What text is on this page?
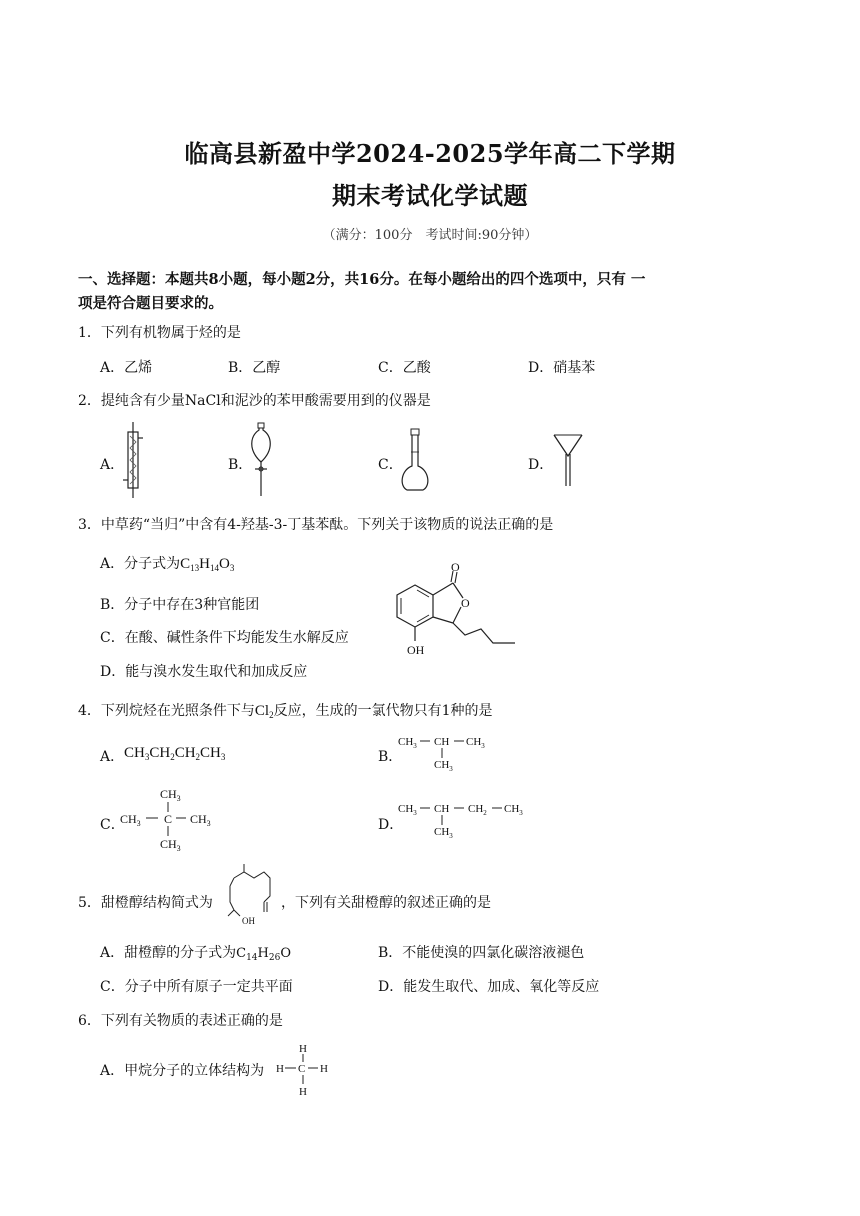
临高县新盈中学2024-2025学年高二下学期
期末考试化学试题
（满分：100分　考试时间:90分钟）
一、选择题：本题共8小题，每小题2分，共16分。在每小题给出的四个选项中，只有 一
项是符合题目要求的。
1．下列有机物属于烃的是
A．乙烯	B．乙醇	C．乙酸	D．硝基苯
2．提纯含有少量NaCl和泥沙的苯甲酸需要用到的仪器是
A．	B．	C．	D．
3．中草药“当归”中含有4-羟基-3-丁基苯酞。下列关于该物质的说法正确的是
A．分子式为$C_{13}H_{14}O_3$
B．分子中存在3种官能团
C．在酸、碱性条件下均能发生水解反应
D．能与溴水发生取代和加成反应
O
O
OH
4．下列烷烃在光照条件下与$Cl_2$反应，生成的一氯代物只有1种的是
A． $CH_3CH_2CH_2CH_3$	B．
$CH_3$ CH $CH_3$
$CH_3$
C．
$CH_3$
$CH_3$ C $CH_3$
$CH_3$
D．
$CH_3$ CH $CH_2$ $CH_3$
$CH_3$
5．甜橙醇结构简式为
OH
，下列有关甜橙醇的叙述正确的是
A．甜橙醇的分子式为$C_{14}H_{26}O$	B．不能使溴的四氯化碳溶液褪色
C．分子中所有原子一定共平面	D．能发生取代、加成、氧化等反应
6．下列有关物质的表述正确的是
A．甲烷分子的立体结构为
H
H C H
H
